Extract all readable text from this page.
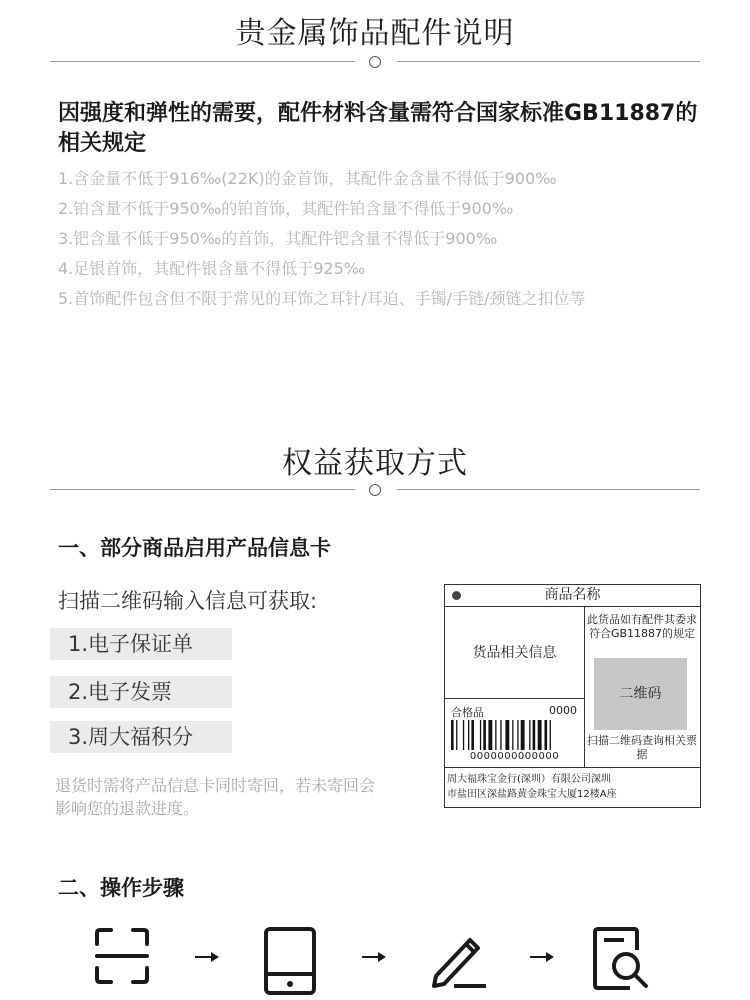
贵金属饰品配件说明
因强度和弹性的需要，配件材料含量需符合国家标准GB11887的相关规定
1.含金量不低于916‰(22K)的金首饰，其配件金含量不得低于900‰
2.铂含量不低于950‰的铂首饰，其配件铂含量不得低于900‰
3.钯含量不低于950‰的首饰，其配件钯含量不得低于900‰
4.足银首饰，其配件银含量不得低于925‰
5.首饰配件包含但不限于常见的耳饰之耳针/耳迫、手镯/手链/颈链之扣位等
权益获取方式
一、部分商品启用产品信息卡
扫描二维码输入信息可获取:
1.电子保证单
2.电子发票
3.周大福积分
退货时需将产品信息卡同时寄回，若未寄回会影响您的退款进度。
商品名称
货品相关信息
合格品	0000
0000000000000
此货品如有配件其委求符合GB11887的规定
二维码
扫描二维码查询相关票据
周大福珠宝金行(深圳）有限公司深圳
市盐田区深盐路黄金珠宝大厦12楼A座
二、操作步骤
